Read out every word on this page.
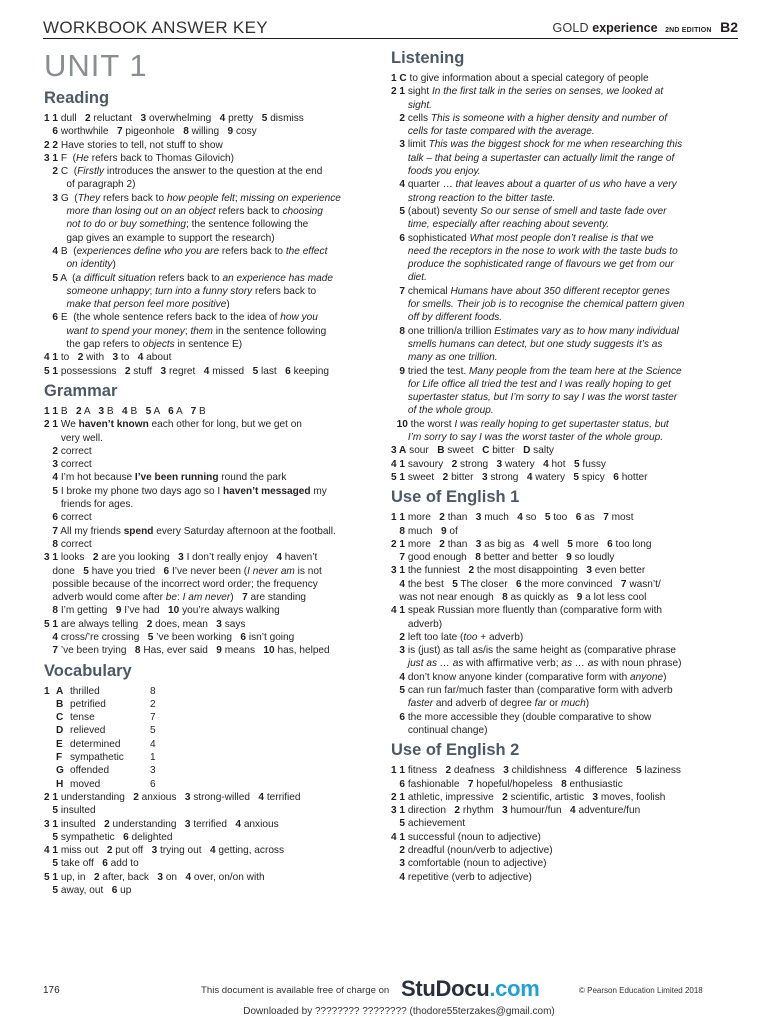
WORKBOOK ANSWER KEY	GOLD experience 2ND EDITION B2
UNIT 1
Reading
1 1 dull   2 reluctant   3 overwhelming   4 pretty   5 dismiss
6 worthwhile   7 pigeonhole   8 willing   9 cosy
2 2 Have stories to tell, not stuff to show
3 1 F  (He refers back to Thomas Gilovich)
2 C  (Firstly introduces the answer to the question at the end
of paragraph 2)
3 G  (They refers back to how people felt; missing on experience
more than losing out on an object refers back to choosing
not to do or buy something; the sentence following the
gap gives an example to support the research)
4 B  (experiences define who you are refers back to the effect
on identity)
5 A  (a difficult situation refers back to an experience has made
someone unhappy; turn into a funny story refers back to
make that person feel more positive)
6 E  (the whole sentence refers back to the idea of how you
want to spend your money; them in the sentence following
the gap refers to objects in sentence E)
4 1 to   2 with   3 to   4 about
5 1 possessions   2 stuff   3 regret   4 missed   5 last   6 keeping
Grammar
1 1 B   2 A   3 B   4 B   5 A   6 A   7 B
2 1 We haven’t known each other for long, but we get on
very well.
2 correct
3 correct
4 I’m hot because I’ve been running round the park
5 I broke my phone two days ago so I haven’t messaged my
friends for ages.
6 correct
7 All my friends spend every Saturday afternoon at the football.
8 correct
3 1 looks   2 are you looking   3 I don’t really enjoy   4 haven’t
done   5 have you tried   6 I’ve never been (I never am is not
possible because of the incorrect word order; the frequency
adverb would come after be: I am never)   7 are standing
8 I’m getting   9 I’ve had   10 you’re always walking
5 1 are always telling   2 does, mean   3 says
4 cross/’re crossing   5 ’ve been working   6 isn’t going
7 ’ve been trying   8 Has, ever said   9 means   10 has, helped
Vocabulary
1 A thrilled	8
B petrified	2
C tense	7
D relieved	5
E determined	4
F sympathetic	1
G offended	3
H moved	6
2 1 understanding   2 anxious   3 strong-willed   4 terrified
5 insulted
3 1 insulted   2 understanding   3 terrified   4 anxious
5 sympathetic   6 delighted
4 1 miss out   2 put off   3 trying out   4 getting, across
5 take off   6 add to
5 1 up, in   2 after, back   3 on   4 over, on/on with
5 away, out   6 up
Listening
1 C to give information about a special category of people
2 1 sight In the first talk in the series on senses, we looked at
sight.
2 cells This is someone with a higher density and number of
cells for taste compared with the average.
3 limit This was the biggest shock for me when researching this
talk – that being a supertaster can actually limit the range of
foods you enjoy.
4 quarter … that leaves about a quarter of us who have a very
strong reaction to the bitter taste.
5 (about) seventy So our sense of smell and taste fade over
time, especially after reaching about seventy.
6 sophisticated What most people don’t realise is that we
need the receptors in the nose to work with the taste buds to
produce the sophisticated range of flavours we get from our
diet.
7 chemical Humans have about 350 different receptor genes
for smells. Their job is to recognise the chemical pattern given
off by different foods.
8 one trillion/a trillion Estimates vary as to how many individual
smells humans can detect, but one study suggests it’s as
many as one trillion.
9 tried the test. Many people from the team here at the Science
for Life office all tried the test and I was really hoping to get
supertaster status, but I’m sorry to say I was the worst taster
of the whole group.
10 the worst I was really hoping to get supertaster status, but
I’m sorry to say I was the worst taster of the whole group.
3 A sour   B sweet   C bitter   D salty
4 1 savoury   2 strong   3 watery   4 hot   5 fussy
5 1 sweet   2 bitter   3 strong   4 watery   5 spicy   6 hotter
Use of English 1
1 1 more   2 than   3 much   4 so   5 too   6 as   7 most
8 much   9 of
2 1 more   2 than   3 as big as   4 well   5 more   6 too long
7 good enough   8 better and better   9 so loudly
3 1 the funniest   2 the most disappointing   3 even better
4 the best   5 The closer   6 the more convinced   7 wasn’t/
was not near enough   8 as quickly as   9 a lot less cool
4 1 speak Russian more fluently than (comparative form with
adverb)
2 left too late (too + adverb)
3 is (just) as tall as/is the same height as (comparative phrase
just as … as with affirmative verb; as … as with noun phrase)
4 don’t know anyone kinder (comparative form with anyone)
5 can run far/much faster than (comparative form with adverb
faster and adverb of degree far or much)
6 the more accessible they (double comparative to show
continual change)
Use of English 2
1 1 fitness   2 deafness   3 childishness   4 difference   5 laziness
6 fashionable   7 hopeful/hopeless   8 enthusiastic
2 1 athletic, impressive   2 scientific, artistic   3 moves, foolish
3 1 direction   2 rhythm   3 humour/fun   4 adventure/fun
5 achievement
4 1 successful (noun to adjective)
2 dreadful (noun/verb to adjective)
3 comfortable (noun to adjective)
4 repetitive (verb to adjective)
176	This document is available free of charge on StuDocu.com	© Pearson Education Limited 2018
Downloaded by ???????? ???????? (thodore55terzakes@gmail.com)
